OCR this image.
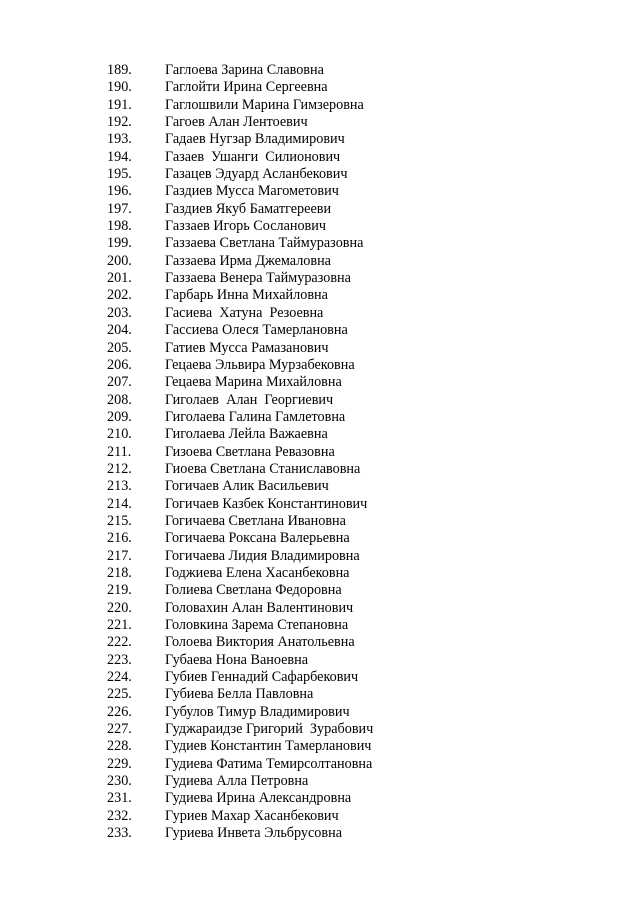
189.	Гаглоева Зарина Славовна
190.	Гаглойти Ирина Сергеевна
191.	Гаглошвили Марина Гимзеровна
192.	Гагоев Алан Лентоевич
193.	Гадаев Нугзар Владимирович
194.	Газаев  Ушанги  Силионович
195.	Газацев Эдуард Асланбекович
196.	Газдиев Мусса Магометович
197.	Газдиев Якуб Баматгерееви
198.	Газзаев Игорь Сосланович
199.	Газзаева Светлана Таймуразовна
200.	Газзаева Ирма Джемаловна
201.	Газзаева Венера Таймуразовна
202.	Гарбарь Инна Михайловна
203.	Гасиева  Хатуна  Резоевна
204.	Гассиева Олеся Тамерлановна
205.	Гатиев Мусса Рамазанович
206.	Гецаева Эльвира Мурзабековна
207.	Гецаева Марина Михайловна
208.	Гиголаев  Алан  Георгиевич
209.	Гиголаева Галина Гамлетовна
210.	Гиголаева Лейла Важаевна
211.	Гизоева Светлана Ревазовна
212.	Гиоева Светлана Станиславовна
213.	Гогичаев Алик Васильевич
214.	Гогичаев Казбек Константинович
215.	Гогичаева Светлана Ивановна
216.	Гогичаева Роксана Валерьевна
217.	Гогичаева Лидия Владимировна
218.	Годжиева Елена Хасанбековна
219.	Голиева Светлана Федоровна
220.	Головахин Алан Валентинович
221.	Головкина Зарема Степановна
222.	Голоева Виктория Анатольевна
223.	Губаева Нона Ваноевна
224.	Губиев Геннадий Сафарбекович
225.	Губиева Белла Павловна
226.	Губулов Тимур Владимирович
227.	Гуджараидзе Григорий  Зурабович
228.	Гудиев Константин Тамерланович
229.	Гудиева Фатима Темирсолтановна
230.	Гудиева Алла Петровна
231.	Гудиева Ирина Александровна
232.	Гуриев Махар Хасанбекович
233.	Гуриева Инвета Эльбрусовна
